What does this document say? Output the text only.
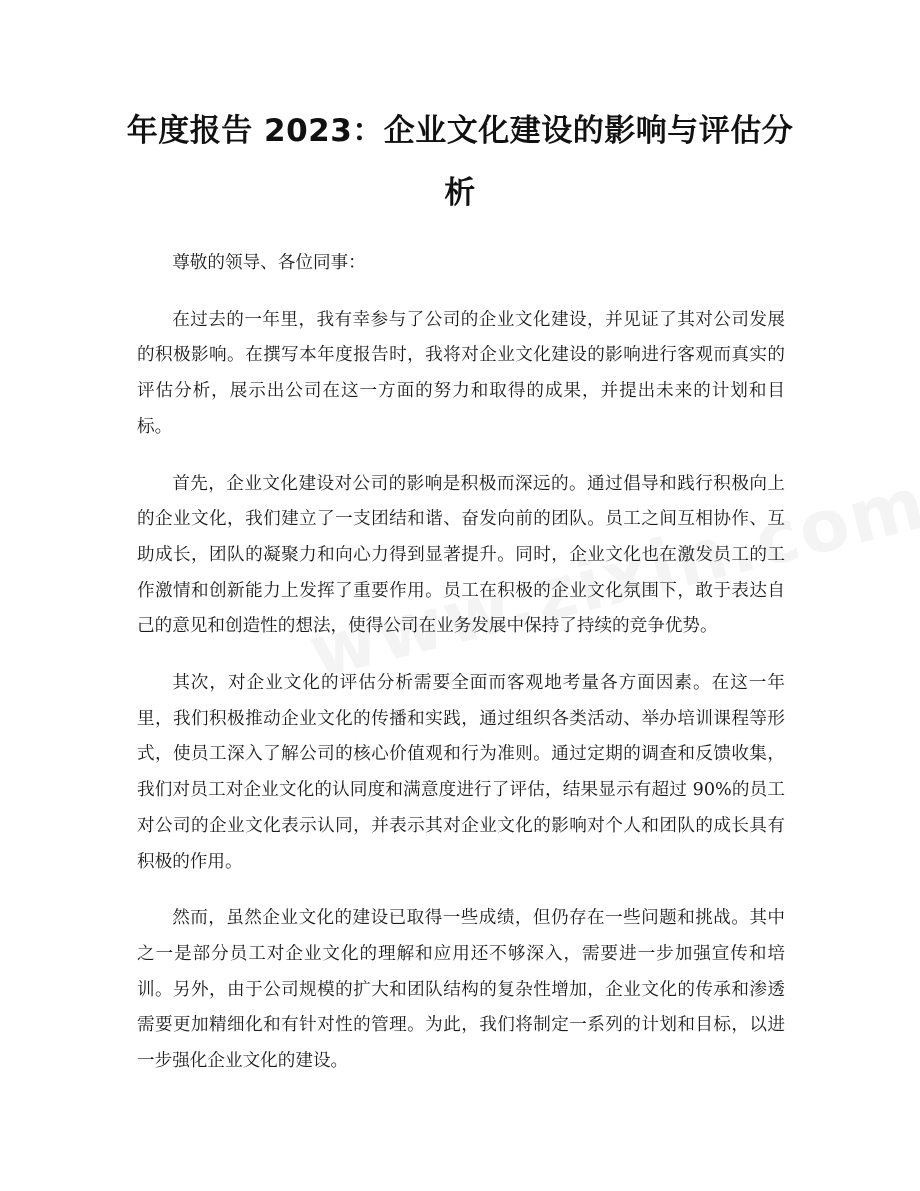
年度报告 2023：企业文化建设的影响与评估分析

尊敬的领导、各位同事：

在过去的一年里，我有幸参与了公司的企业文化建设，并见证了其对公司发展的积极影响。在撰写本年度报告时，我将对企业文化建设的影响进行客观而真实的评估分析，展示出公司在这一方面的努力和取得的成果，并提出未来的计划和目标。

首先，企业文化建设对公司的影响是积极而深远的。通过倡导和践行积极向上的企业文化，我们建立了一支团结和谐、奋发向前的团队。员工之间互相协作、互助成长，团队的凝聚力和向心力得到显著提升。同时，企业文化也在激发员工的工作激情和创新能力上发挥了重要作用。员工在积极的企业文化氛围下，敢于表达自己的意见和创造性的想法，使得公司在业务发展中保持了持续的竞争优势。

其次，对企业文化的评估分析需要全面而客观地考量各方面因素。在这一年里，我们积极推动企业文化的传播和实践，通过组织各类活动、举办培训课程等形式，使员工深入了解公司的核心价值观和行为准则。通过定期的调查和反馈收集，我们对员工对企业文化的认同度和满意度进行了评估，结果显示有超过 90%的员工对公司的企业文化表示认同，并表示其对企业文化的影响对个人和团队的成长具有积极的作用。

然而，虽然企业文化的建设已取得一些成绩，但仍存在一些问题和挑战。其中之一是部分员工对企业文化的理解和应用还不够深入，需要进一步加强宣传和培训。另外，由于公司规模的扩大和团队结构的复杂性增加，企业文化的传承和渗透需要更加精细化和有针对性的管理。为此，我们将制定一系列的计划和目标，以进一步强化企业文化的建设。
